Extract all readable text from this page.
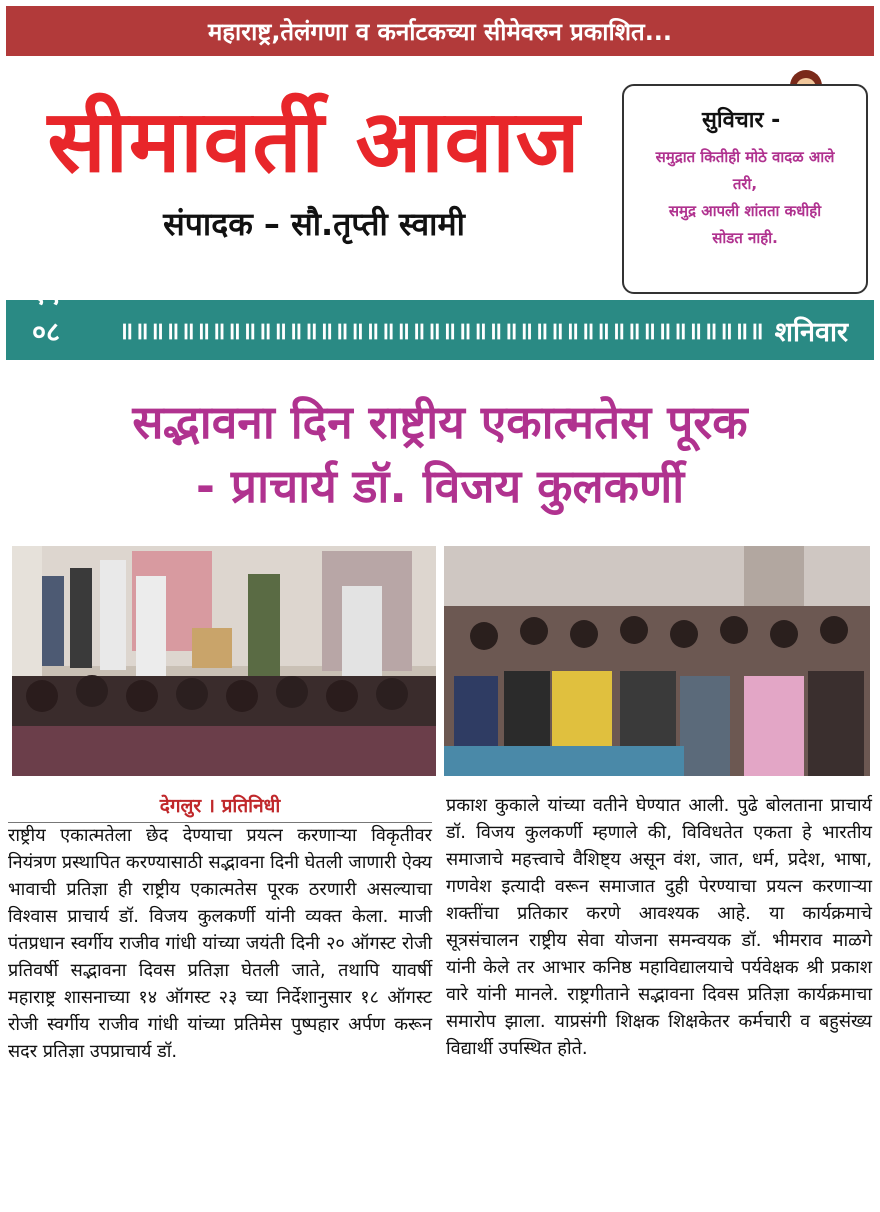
महाराष्ट्र,तेलंगणा व कर्नाटकच्या सीमेवरुन प्रकाशित...
सीमावर्ती आवाज
संपादक – सौ.तृप्ती स्वामी
सुविचार -
समुद्रात कितीही मोठे वादळ आले
तरी,
समुद्र आपली शांतता कधीही
सोडत नाही.
१९ - ०८ -२०२३
॥॥॥॥॥॥॥॥॥॥॥॥॥॥॥॥॥॥॥॥॥॥॥॥॥॥॥॥॥॥॥॥॥॥॥॥॥॥॥॥॥॥ शनिवार
सद्भावना दिन राष्ट्रीय एकात्मतेस पूरक
- प्राचार्य डॉ. विजय कुलकर्णी
देगलुर । प्रतिनिधी
राष्ट्रीय एकात्मतेला छेद देण्याचा प्रयत्न करणाऱ्या विकृतीवर नियंत्रण प्रस्थापित करण्यासाठी सद्भावना दिनी घेतली जाणारी ऐक्य भावाची प्रतिज्ञा ही राष्ट्रीय एकात्मतेस पूरक ठरणारी असल्याचा विश्वास प्राचार्य डॉ. विजय कुलकर्णी यांनी व्यक्त केला. माजी पंतप्रधान स्वर्गीय राजीव गांधी यांच्या जयंती दिनी २० ऑगस्ट रोजी प्रतिवर्षी सद्भावना दिवस प्रतिज्ञा घेतली जाते, तथापि यावर्षी महाराष्ट्र शासनाच्या १४ ऑगस्ट २३ च्या निर्देशानुसार १८ ऑगस्ट रोजी स्वर्गीय राजीव गांधी यांच्या प्रतिमेस पुष्पहार अर्पण करून सदर प्रतिज्ञा उपप्राचार्य डॉ.
प्रकाश कुकाले यांच्या वतीने घेण्यात आली. पुढे बोलताना प्राचार्य डॉ. विजय कुलकर्णी म्हणाले की, विविधतेत एकता हे भारतीय समाजाचे महत्त्वाचे वैशिष्ट्य असून वंश, जात, धर्म, प्रदेश, भाषा, गणवेश इत्यादी वरून समाजात दुही पेरण्याचा प्रयत्न करणाऱ्या शक्तींचा प्रतिकार करणे आवश्यक आहे. या कार्यक्रमाचे सूत्रसंचालन राष्ट्रीय सेवा योजना समन्वयक डॉ. भीमराव माळगे यांनी केले तर आभार कनिष्ठ महाविद्यालयाचे पर्यवेक्षक श्री प्रकाश वारे यांनी मानले. राष्ट्रगीताने सद्भावना दिवस प्रतिज्ञा कार्यक्रमाचा समारोप झाला. याप्रसंगी शिक्षक शिक्षकेतर कर्मचारी व बहुसंख्य विद्यार्थी उपस्थित होते.
